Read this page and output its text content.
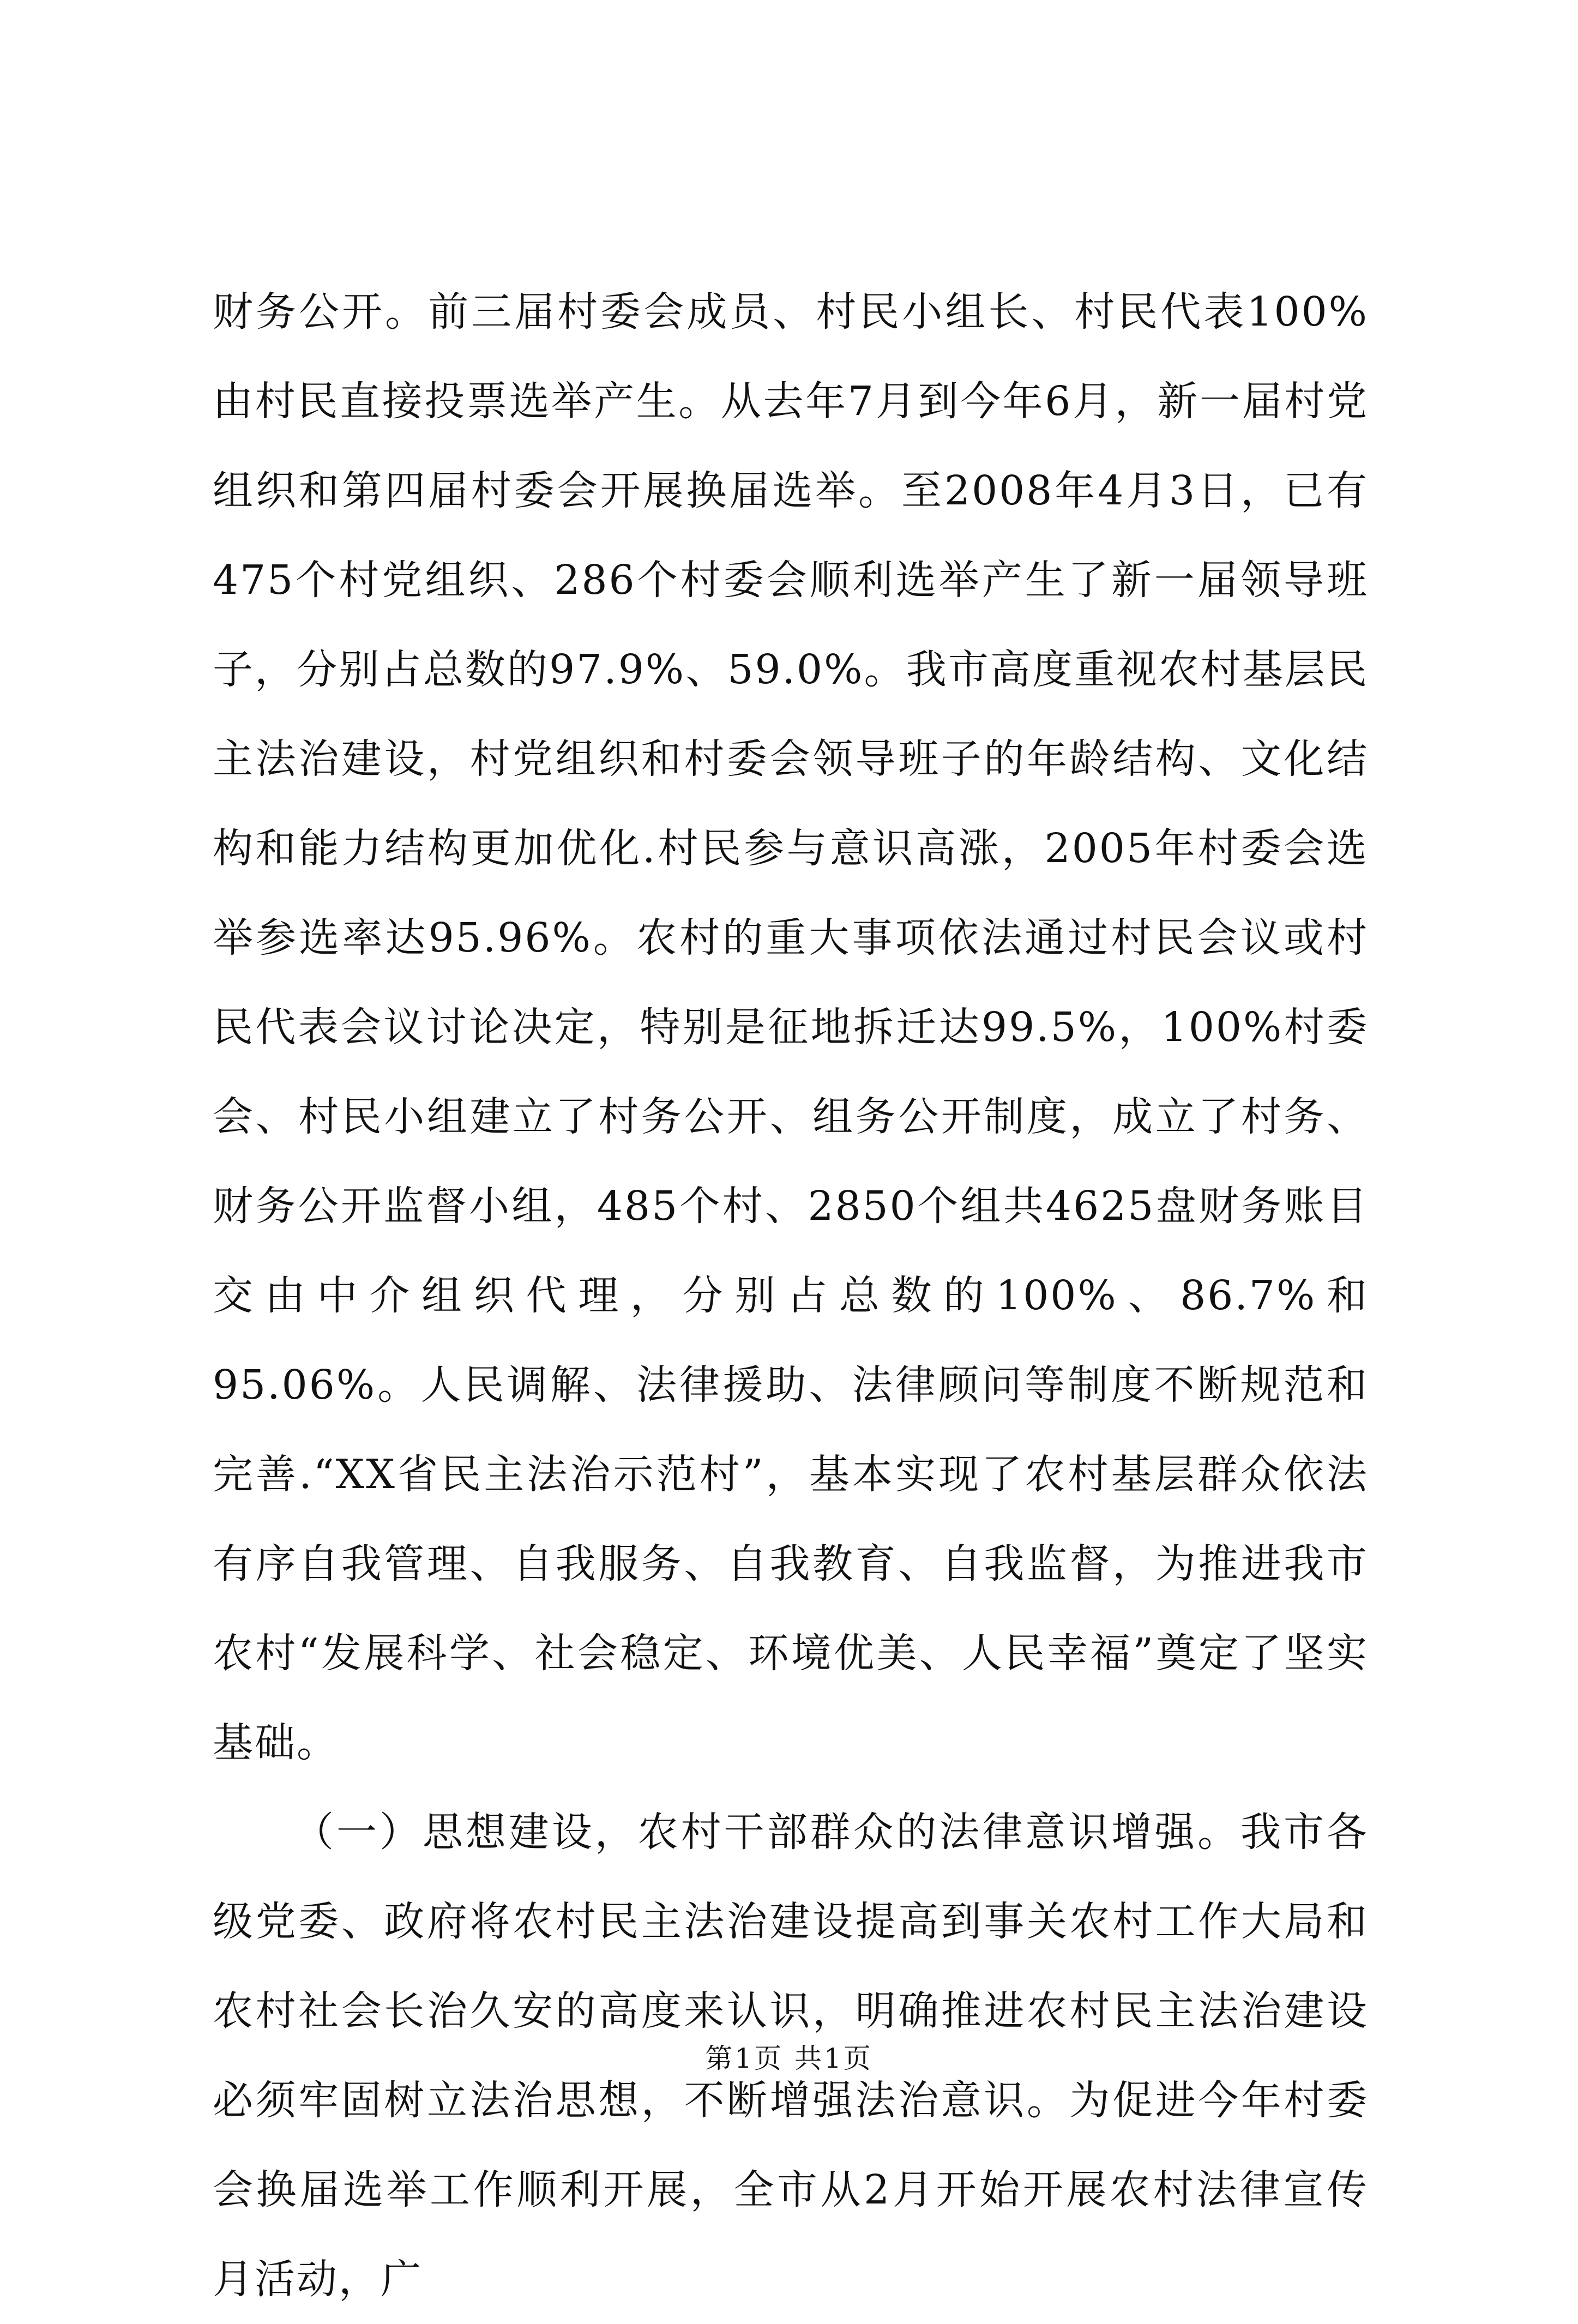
财务公开。前三届村委会成员、村民小组长、村民代表100%由村民直接投票选举产生。从去年7月到今年6月，新一届村党组织和第四届村委会开展换届选举。至2008年4月3日，已有475个村党组织、286个村委会顺利选举产生了新一届领导班子，分别占总数的97.9%、59.0%。我市高度重视农村基层民主法治建设，村党组织和村委会领导班子的年龄结构、文化结构和能力结构更加优化.村民参与意识高涨，2005年村委会选举参选率达95.96%。农村的重大事项依法通过村民会议或村民代表会议讨论决定，特别是征地拆迁达99.5%，100%村委会、村民小组建立了村务公开、组务公开制度，成立了村务、财务公开监督小组，485个村、2850个组共4625盘财务账目交由中介组织代理，分别占总数的100%、86.7%和95.06%。人民调解、法律援助、法律顾问等制度不断规范和完善.“XX省民主法治示范村”，基本实现了农村基层群众依法有序自我管理、自我服务、自我教育、自我监督，为推进我市农村“发展科学、社会稳定、环境优美、人民幸福”奠定了坚实基础。

（一）思想建设，农村干部群众的法律意识增强。我市各级党委、政府将农村民主法治建设提高到事关农村工作大局和农村社会长治久安的高度来认识，明确推进农村民主法治建设必须牢固树立法治思想，不断增强法治意识。为促进今年村委会换届选举工作顺利开展，全市从2月开始开展农村法律宣传月活动，广

第1页 共1页
